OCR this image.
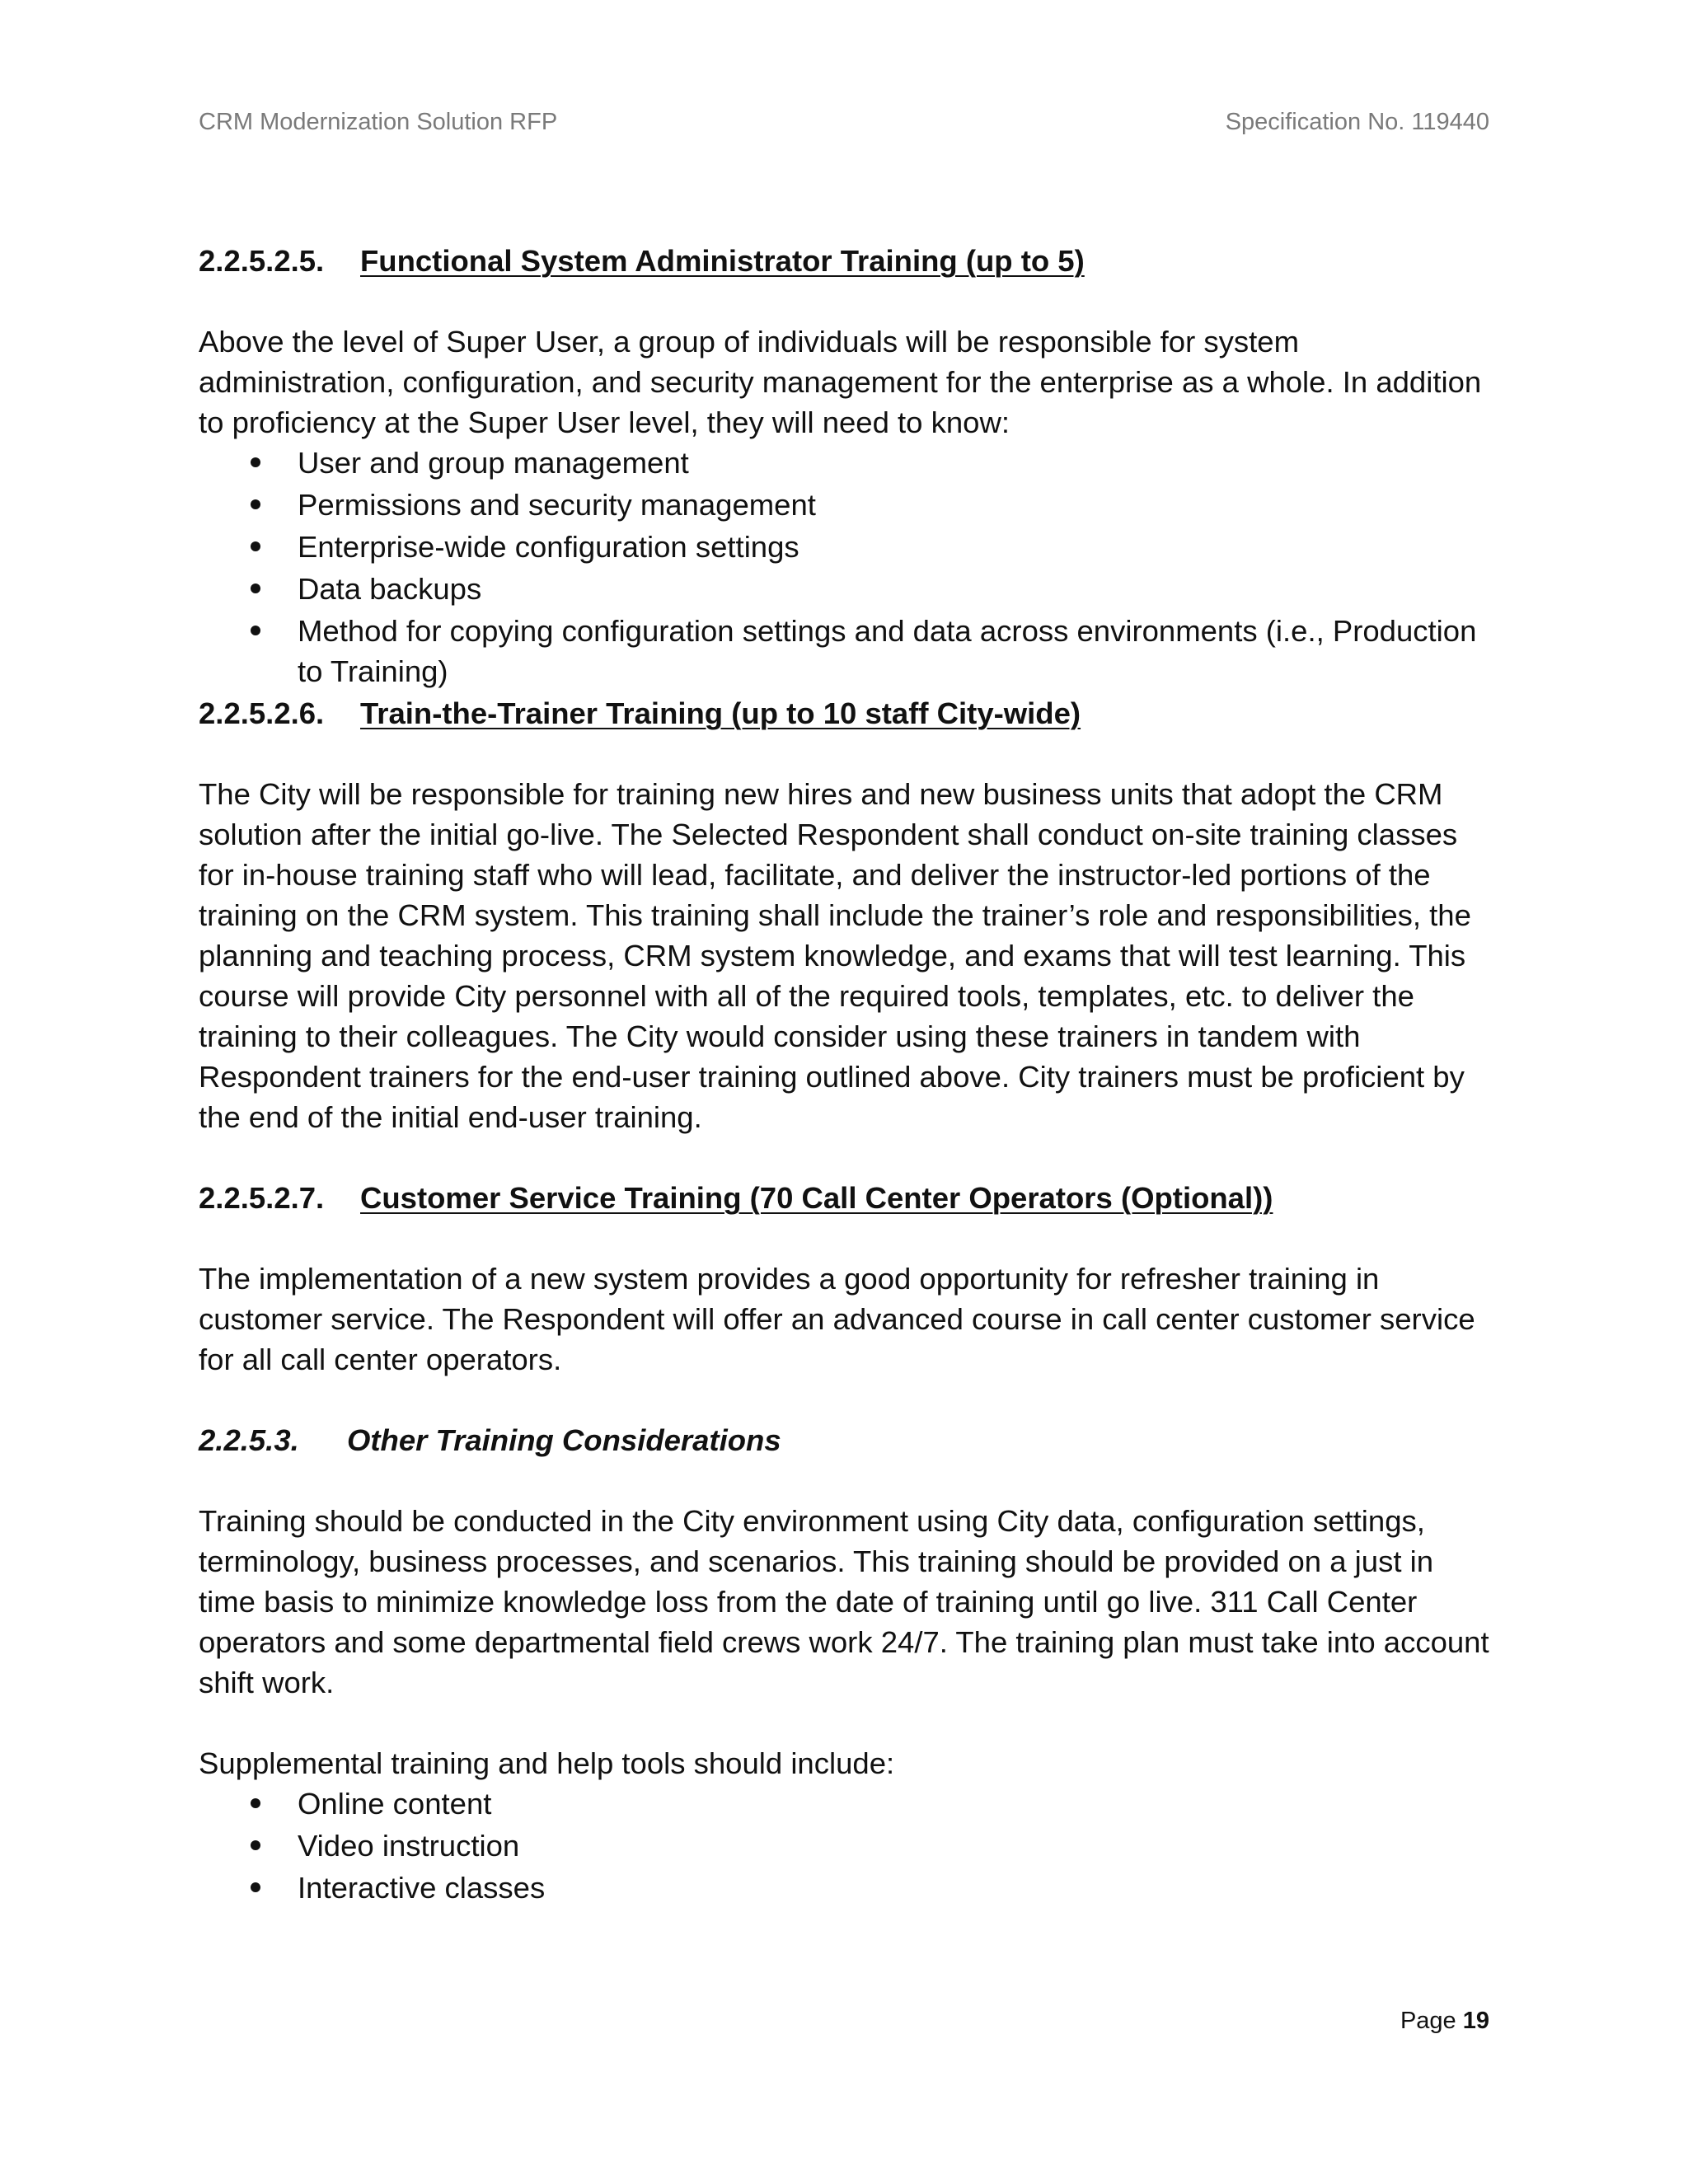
CRM Modernization Solution RFP	Specification No. 119440
2.2.5.2.5. Functional System Administrator Training (up to 5)

Above the level of Super User, a group of individuals will be responsible for system administration, configuration, and security management for the enterprise as a whole. In addition to proficiency at the Super User level, they will need to know:

User and group management
Permissions and security management
Enterprise-wide configuration settings
Data backups
Method for copying configuration settings and data across environments (i.e., Production to Training)
2.2.5.2.6. Train-the-Trainer Training (up to 10 staff City-wide)

The City will be responsible for training new hires and new business units that adopt the CRM solution after the initial go-live. The Selected Respondent shall conduct on-site training classes for in-house training staff who will lead, facilitate, and deliver the instructor-led portions of the training on the CRM system. This training shall include the trainer’s role and responsibilities, the planning and teaching process, CRM system knowledge, and exams that will test learning. This course will provide City personnel with all of the required tools, templates, etc. to deliver the training to their colleagues. The City would consider using these trainers in tandem with Respondent trainers for the end-user training outlined above. City trainers must be proficient by the end of the initial end-user training.

2.2.5.2.7. Customer Service Training (70 Call Center Operators (Optional))

The implementation of a new system provides a good opportunity for refresher training in customer service. The Respondent will offer an advanced course in call center customer service for all call center operators.

2.2.5.3. Other Training Considerations

Training should be conducted in the City environment using City data, configuration settings, terminology, business processes, and scenarios. This training should be provided on a just in time basis to minimize knowledge loss from the date of training until go live. 311 Call Center operators and some departmental field crews work 24/7. The training plan must take into account shift work.

Supplemental training and help tools should include:

Online content
Video instruction
Interactive classes
Page 19
